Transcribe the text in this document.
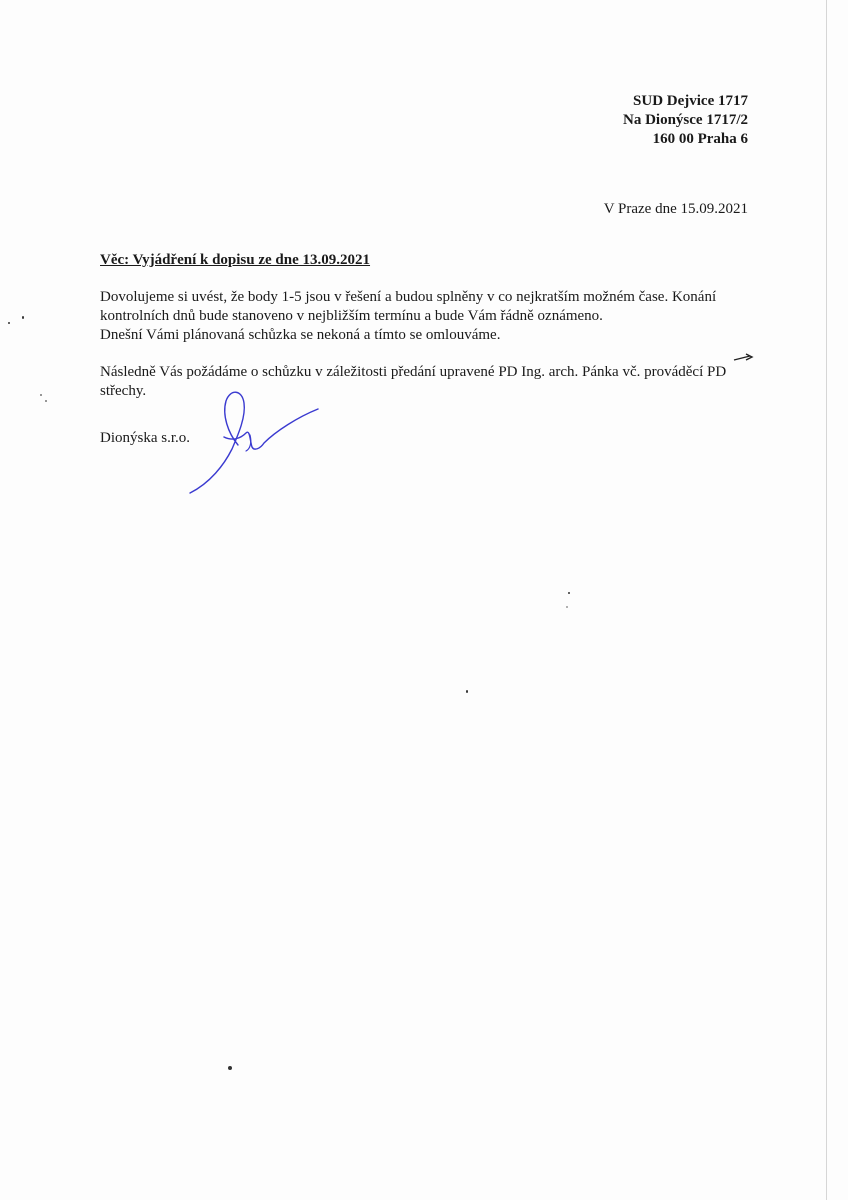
SUD Dejvice 1717
Na Dionýsce 1717/2
160 00 Praha 6
V Praze dne 15.09.2021
Věc: Vyjádření k dopisu ze dne 13.09.2021
Dovolujeme si uvést, že body 1-5 jsou v řešení a budou splněny v co nejkratším možném čase. Konání
kontrolních dnů bude stanoveno v nejbližším termínu a bude Vám řádně oznámeno.
Dnešní Vámi plánovaná schůzka se nekoná a tímto se omlouváme.
Následně Vás požádáme o schůzku v záležitosti předání upravené PD Ing. arch. Pánka vč. prováděcí PD
střechy.
Dionýska s.r.o.
